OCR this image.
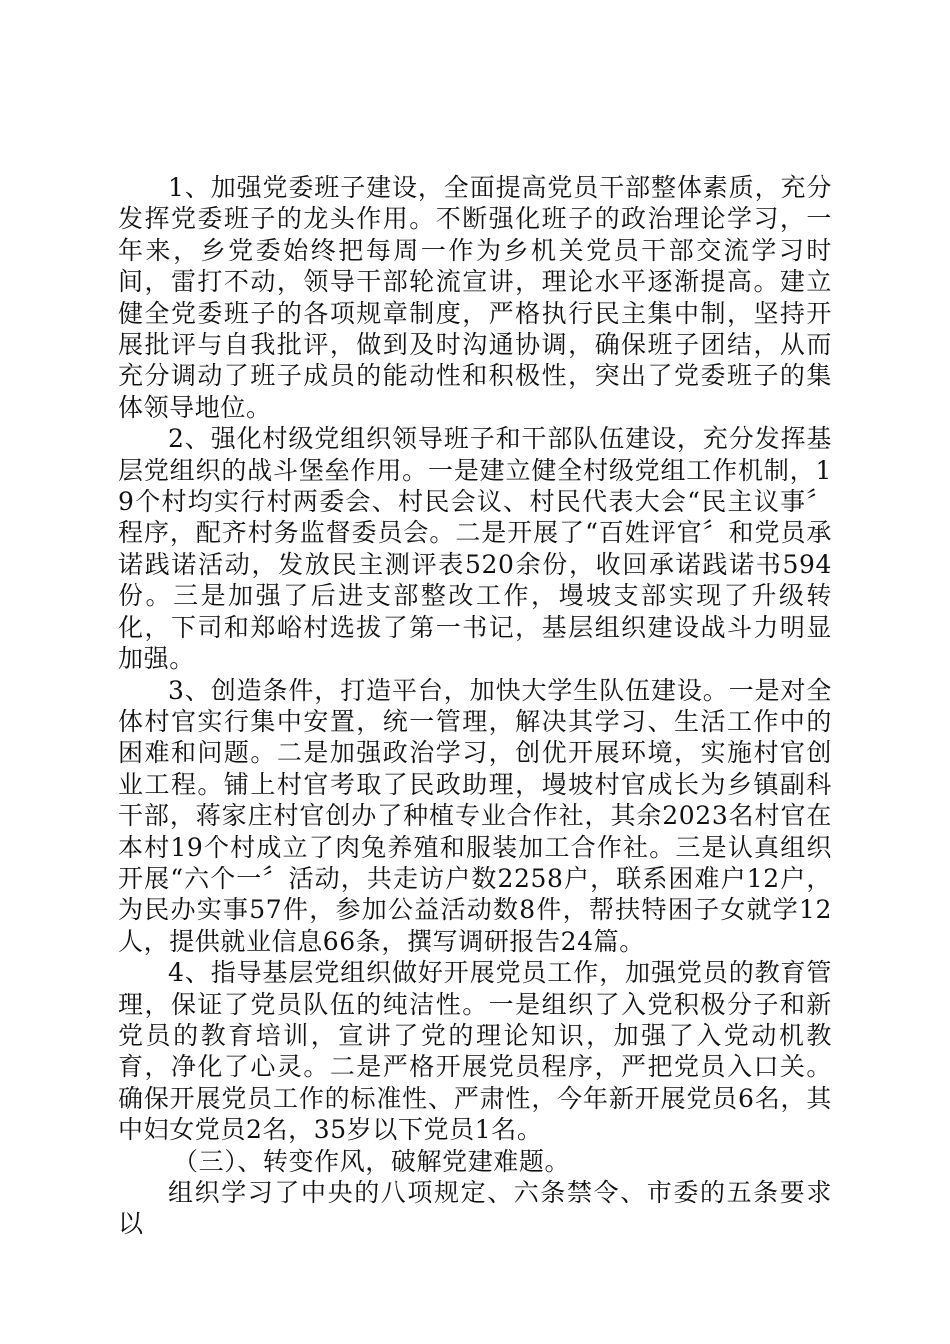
1、加强党委班子建设，全面提高党员干部整体素质，充分发挥党委班子的龙头作用。不断强化班子的政治理论学习，一年来，乡党委始终把每周一作为乡机关党员干部交流学习时间，雷打不动，领导干部轮流宣讲，理论水平逐渐提高。建立健全党委班子的各项规章制度，严格执行民主集中制，坚持开展批评与自我批评，做到及时沟通协调，确保班子团结，从而充分调动了班子成员的能动性和积极性，突出了党委班子的集体领导地位。

2、强化村级党组织领导班子和干部队伍建设，充分发挥基层党组织的战斗堡垒作用。一是建立健全村级党组工作机制，19个村均实行村两委会、村民会议、村民代表大会“民主议事〞程序，配齐村务监督委员会。二是开展了“百姓评官〞和党员承诺践诺活动，发放民主测评表520余份，收回承诺践诺书594份。三是加强了后进支部整改工作，墁坡支部实现了升级转化，下司和郑峪村选拔了第一书记，基层组织建设战斗力明显加强。

3、创造条件，打造平台，加快大学生队伍建设。一是对全体村官实行集中安置，统一管理，解决其学习、生活工作中的困难和问题。二是加强政治学习，创优开展环境，实施村官创业工程。铺上村官考取了民政助理，墁坡村官成长为乡镇副科干部，蒋家庄村官创办了种植专业合作社，其余2023名村官在本村19个村成立了肉兔养殖和服装加工合作社。三是认真组织开展“六个一〞活动，共走访户数2258户，联系困难户12户，为民办实事57件，参加公益活动数8件，帮扶特困子女就学12人，提供就业信息66条，撰写调研报告24篇。

4、指导基层党组织做好开展党员工作，加强党员的教育管理，保证了党员队伍的纯洁性。一是组织了入党积极分子和新党员的教育培训，宣讲了党的理论知识，加强了入党动机教育，净化了心灵。二是严格开展党员程序，严把党员入口关。确保开展党员工作的标准性、严肃性，今年新开展党员6名，其中妇女党员2名，35岁以下党员1名。

（三）、转变作风，破解党建难题。

组织学习了中央的八项规定、六条禁令、市委的五条要求以
